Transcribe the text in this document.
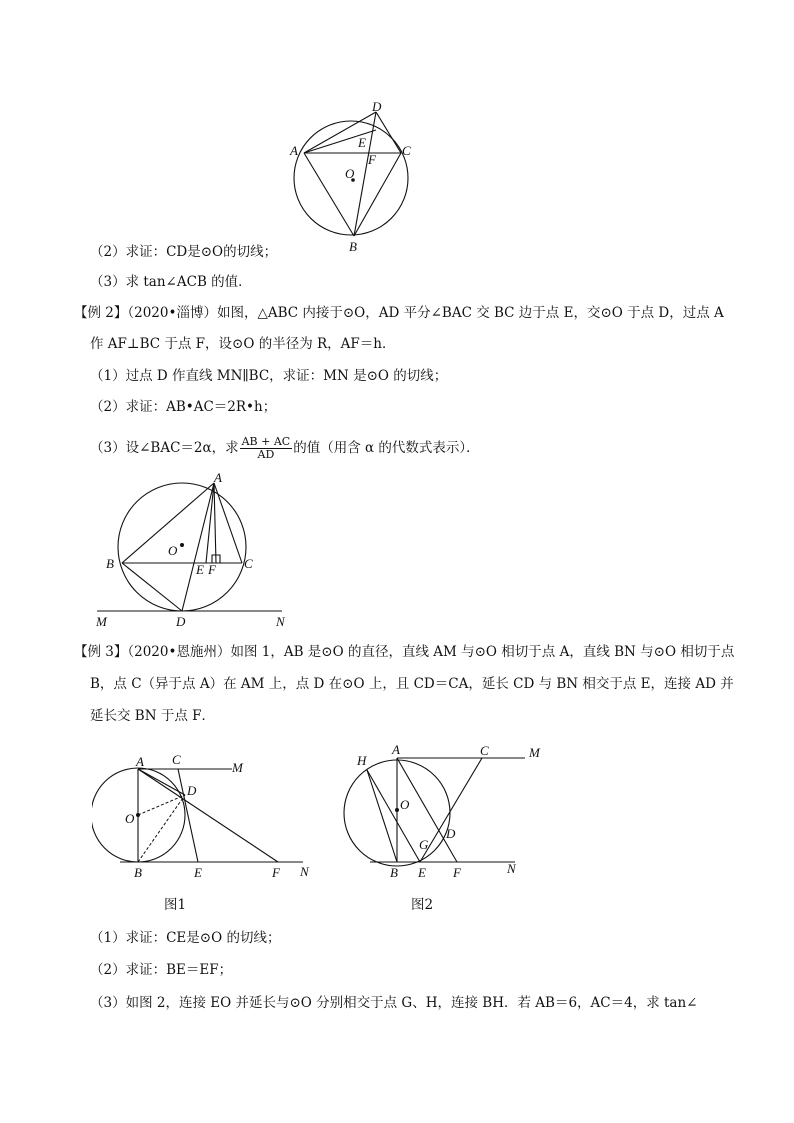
D
A
E
C
F
O
B
（2）求证：CD是⊙O的切线；
（3）求 tan∠ACB 的值．
【例 2】（2020•淄博）如图，△ABC 内接于⊙O，AD 平分∠BAC 交 BC 边于点 E，交⊙O 于点 D，过点 A
作 AF⊥BC 于点 F，设⊙O 的半径为 R，AF＝h．
（1）过点 D 作直线 MN∥BC，求证：MN 是⊙O 的切线；
（2）求证：AB•AC＝2R•h；
（3）设∠BAC＝2α，求 $\frac{AB + AC}{AD}$ 的值（用含 α 的代数式表示）．
A
O
B	E F C
M	D	N
【例 3】（2020•恩施州）如图 1，AB 是⊙O 的直径，直线 AM 与⊙O 相切于点 A，直线 BN 与⊙O 相切于点
B，点 C（异于点 A）在 AM 上，点 D 在⊙O 上，且 CD＝CA，延长 CD 与 BN 相交于点 E，连接 AD 并
延长交 BN 于点 F．
A C
M
D
O
B	E	F N
图1
H
A	C	M
O
D
G
B E F	N
图2
（1）求证：CE是⊙O 的切线；
（2）求证：BE＝EF；
（3）如图 2，连接 EO 并延长与⊙O 分别相交于点 G、H，连接 BH．若 AB＝6，AC＝4，求 tan∠
